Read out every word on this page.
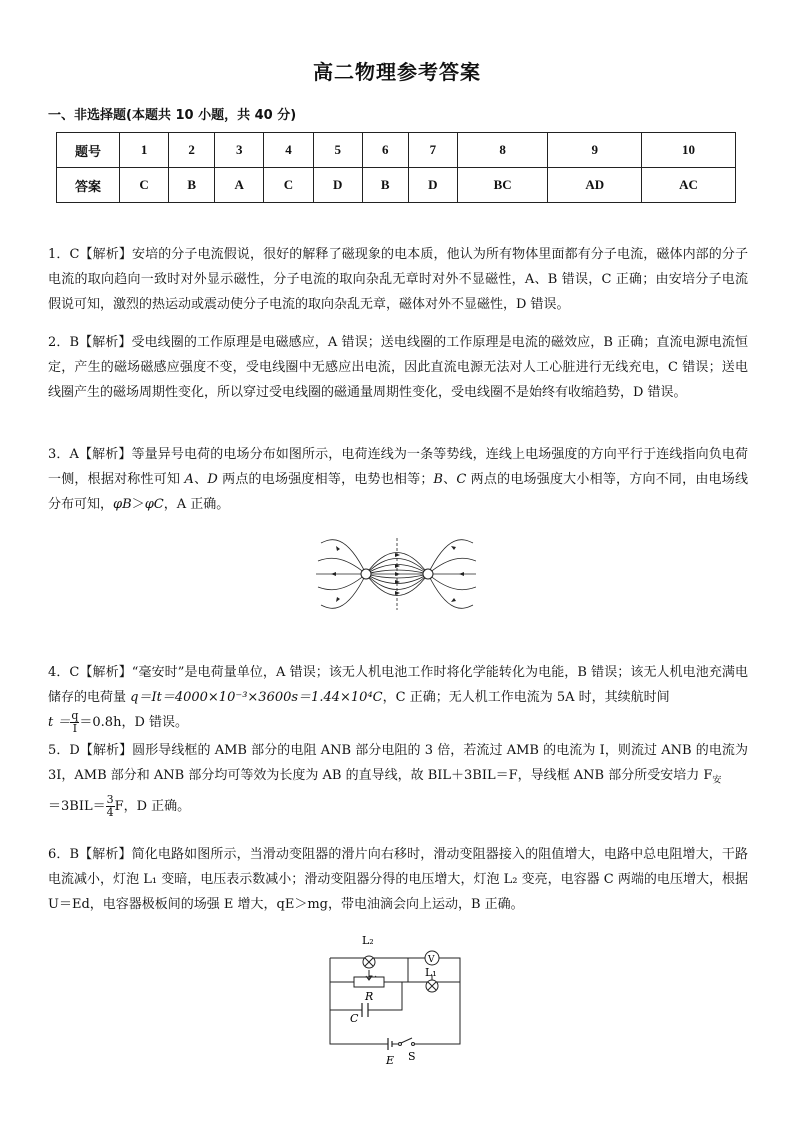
高二物理参考答案
一、非选择题(本题共 10 小题，共 40 分)
题号	1	2	3	4	5	6	7	8	9	10
答案	C	B	A	C	D	B	D	BC	AD	AC
1．C【解析】安培的分子电流假说，很好的解释了磁现象的电本质，他认为所有物体里面都有分子电流，磁体内部的分子电流的取向趋向一致时对外显示磁性，分子电流的取向杂乱无章时对外不显磁性，A、B 错误，C 正确；由安培分子电流假说可知，激烈的热运动或震动使分子电流的取向杂乱无章，磁体对外不显磁性，D 错误。
2．B【解析】受电线圈的工作原理是电磁感应，A 错误；送电线圈的工作原理是电流的磁效应，B 正确；直流电源电流恒定，产生的磁场磁感应强度不变，受电线圈中无感应出电流，因此直流电源无法对人工心脏进行无线充电，C 错误；送电线圈产生的磁场周期性变化，所以穿过受电线圈的磁通量周期性变化，受电线圈不是始终有收缩趋势，D 错误。
3．A【解析】等量异号电荷的电场分布如图所示，电荷连线为一条等势线，连线上电场强度的方向平行于连线指向负电荷一侧，根据对称性可知 A、D 两点的电场强度相等，电势也相等；B、C 两点的电场强度大小相等，方向不同，由电场线分布可知，φB＞φC，A 正确。
4．C【解析】“毫安时”是电荷量单位，A 错误；该无人机电池工作时将化学能转化为电能，B 错误；该无人机电池充满电储存的电荷量 q＝It＝4000×10⁻³×3600s＝1.44×10⁴C，C 正确；无人机工作电流为 5A 时，其续航时间
$t = \frac{q}{I} =0.8h$，D 错误。
5．D【解析】圆形导线框的 AMB 部分的电阻 ANB 部分电阻的 3 倍，若流过 AMB 的电流为 I，则流过 ANB 的电流为 3I，AMB 部分和 ANB 部分均可等效为长度为 AB 的直导线，故 BIL＋3BIL＝F，导线框 ANB 部分所受安培力 $F_安$
$=3BIL= \frac{3}{4}$ F，D 正确。
6．B【解析】简化电路如图所示，当滑动变阻器的滑片向右移时，滑动变阻器接入的阻值增大，电路中总电阻增大，干路电流减小，灯泡 L₁ 变暗，电压表示数减小；滑动变阻器分得的电压增大，灯泡 L₂ 变亮，电容器 C 两端的电压增大，根据 U＝Ed，电容器极板间的场强 E 增大，qE＞mg，带电油滴会向上运动，B 正确。
L₂
V
L₁
R
C
E S
